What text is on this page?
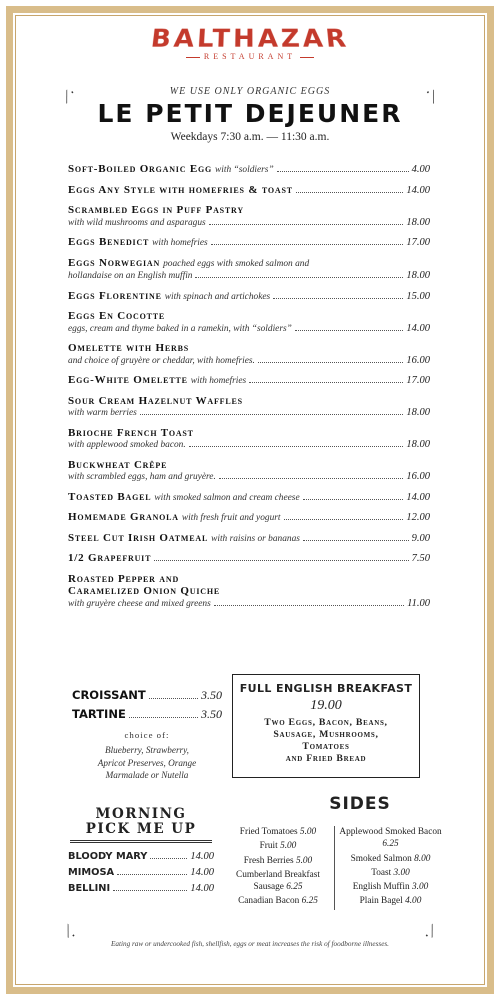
BALTHAZAR
RESTAURANT
⟋·	·⟍
⟍·	·⟋
WE USE ONLY ORGANIC EGGS
LE PETIT DEJEUNER
Weekdays 7:30 a.m. — 11:30 a.m.
Soft-Boiled Organic Egg with “soldiers”	4.00
Eggs Any Style with homefries & toast	14.00
Scrambled Eggs in Puff Pastry
with wild mushrooms and asparagus	18.00
Eggs Benedict with homefries	17.00
Eggs Norwegian poached eggs with smoked salmon and
hollandaise on an English muffin	18.00
Eggs Florentine with spinach and artichokes	15.00
Eggs En Cocotte
eggs, cream and thyme baked in a ramekin, with “soldiers”	14.00
Omelette with Herbs
and choice of gruyère or cheddar, with homefries.	16.00
Egg-White Omelette with homefries	17.00
Sour Cream Hazelnut Waffles
with warm berries	18.00
Brioche French Toast
with applewood smoked bacon.	18.00
Buckwheat Crêpe
with scrambled eggs, ham and gruyère.	16.00
Toasted Bagel with smoked salmon and cream cheese	14.00
Homemade Granola with fresh fruit and yogurt	12.00
Steel Cut Irish Oatmeal with raisins or bananas	9.00
1/2 Grapefruit	7.50
Roasted Pepper and
Caramelized Onion Quiche
with gruyère cheese and mixed greens	11.00
CROISSANT	3.50
TARTINE	3.50
choice of:
Blueberry, Strawberry,
Apricot Preserves, Orange
Marmalade or Nutella
FULL ENGLISH BREAKFAST
19.00
Two Eggs, Bacon, Beans,
Sausage, Mushrooms,
Tomatoes
and Fried Bread
MORNING
PICK ME UP
BLOODY MARY	14.00
MIMOSA	14.00
BELLINI	14.00
SIDES
Fried Tomatoes 5.00
Fruit 5.00
Fresh Berries 5.00
Cumberland Breakfast Sausage 6.25
Canadian Bacon 6.25
Applewood Smoked Bacon 6.25
Smoked Salmon 8.00
Toast 3.00
English Muffin 3.00
Plain Bagel 4.00
Eating raw or undercooked fish, shellfish, eggs or meat increases the risk of foodborne illnesses.
